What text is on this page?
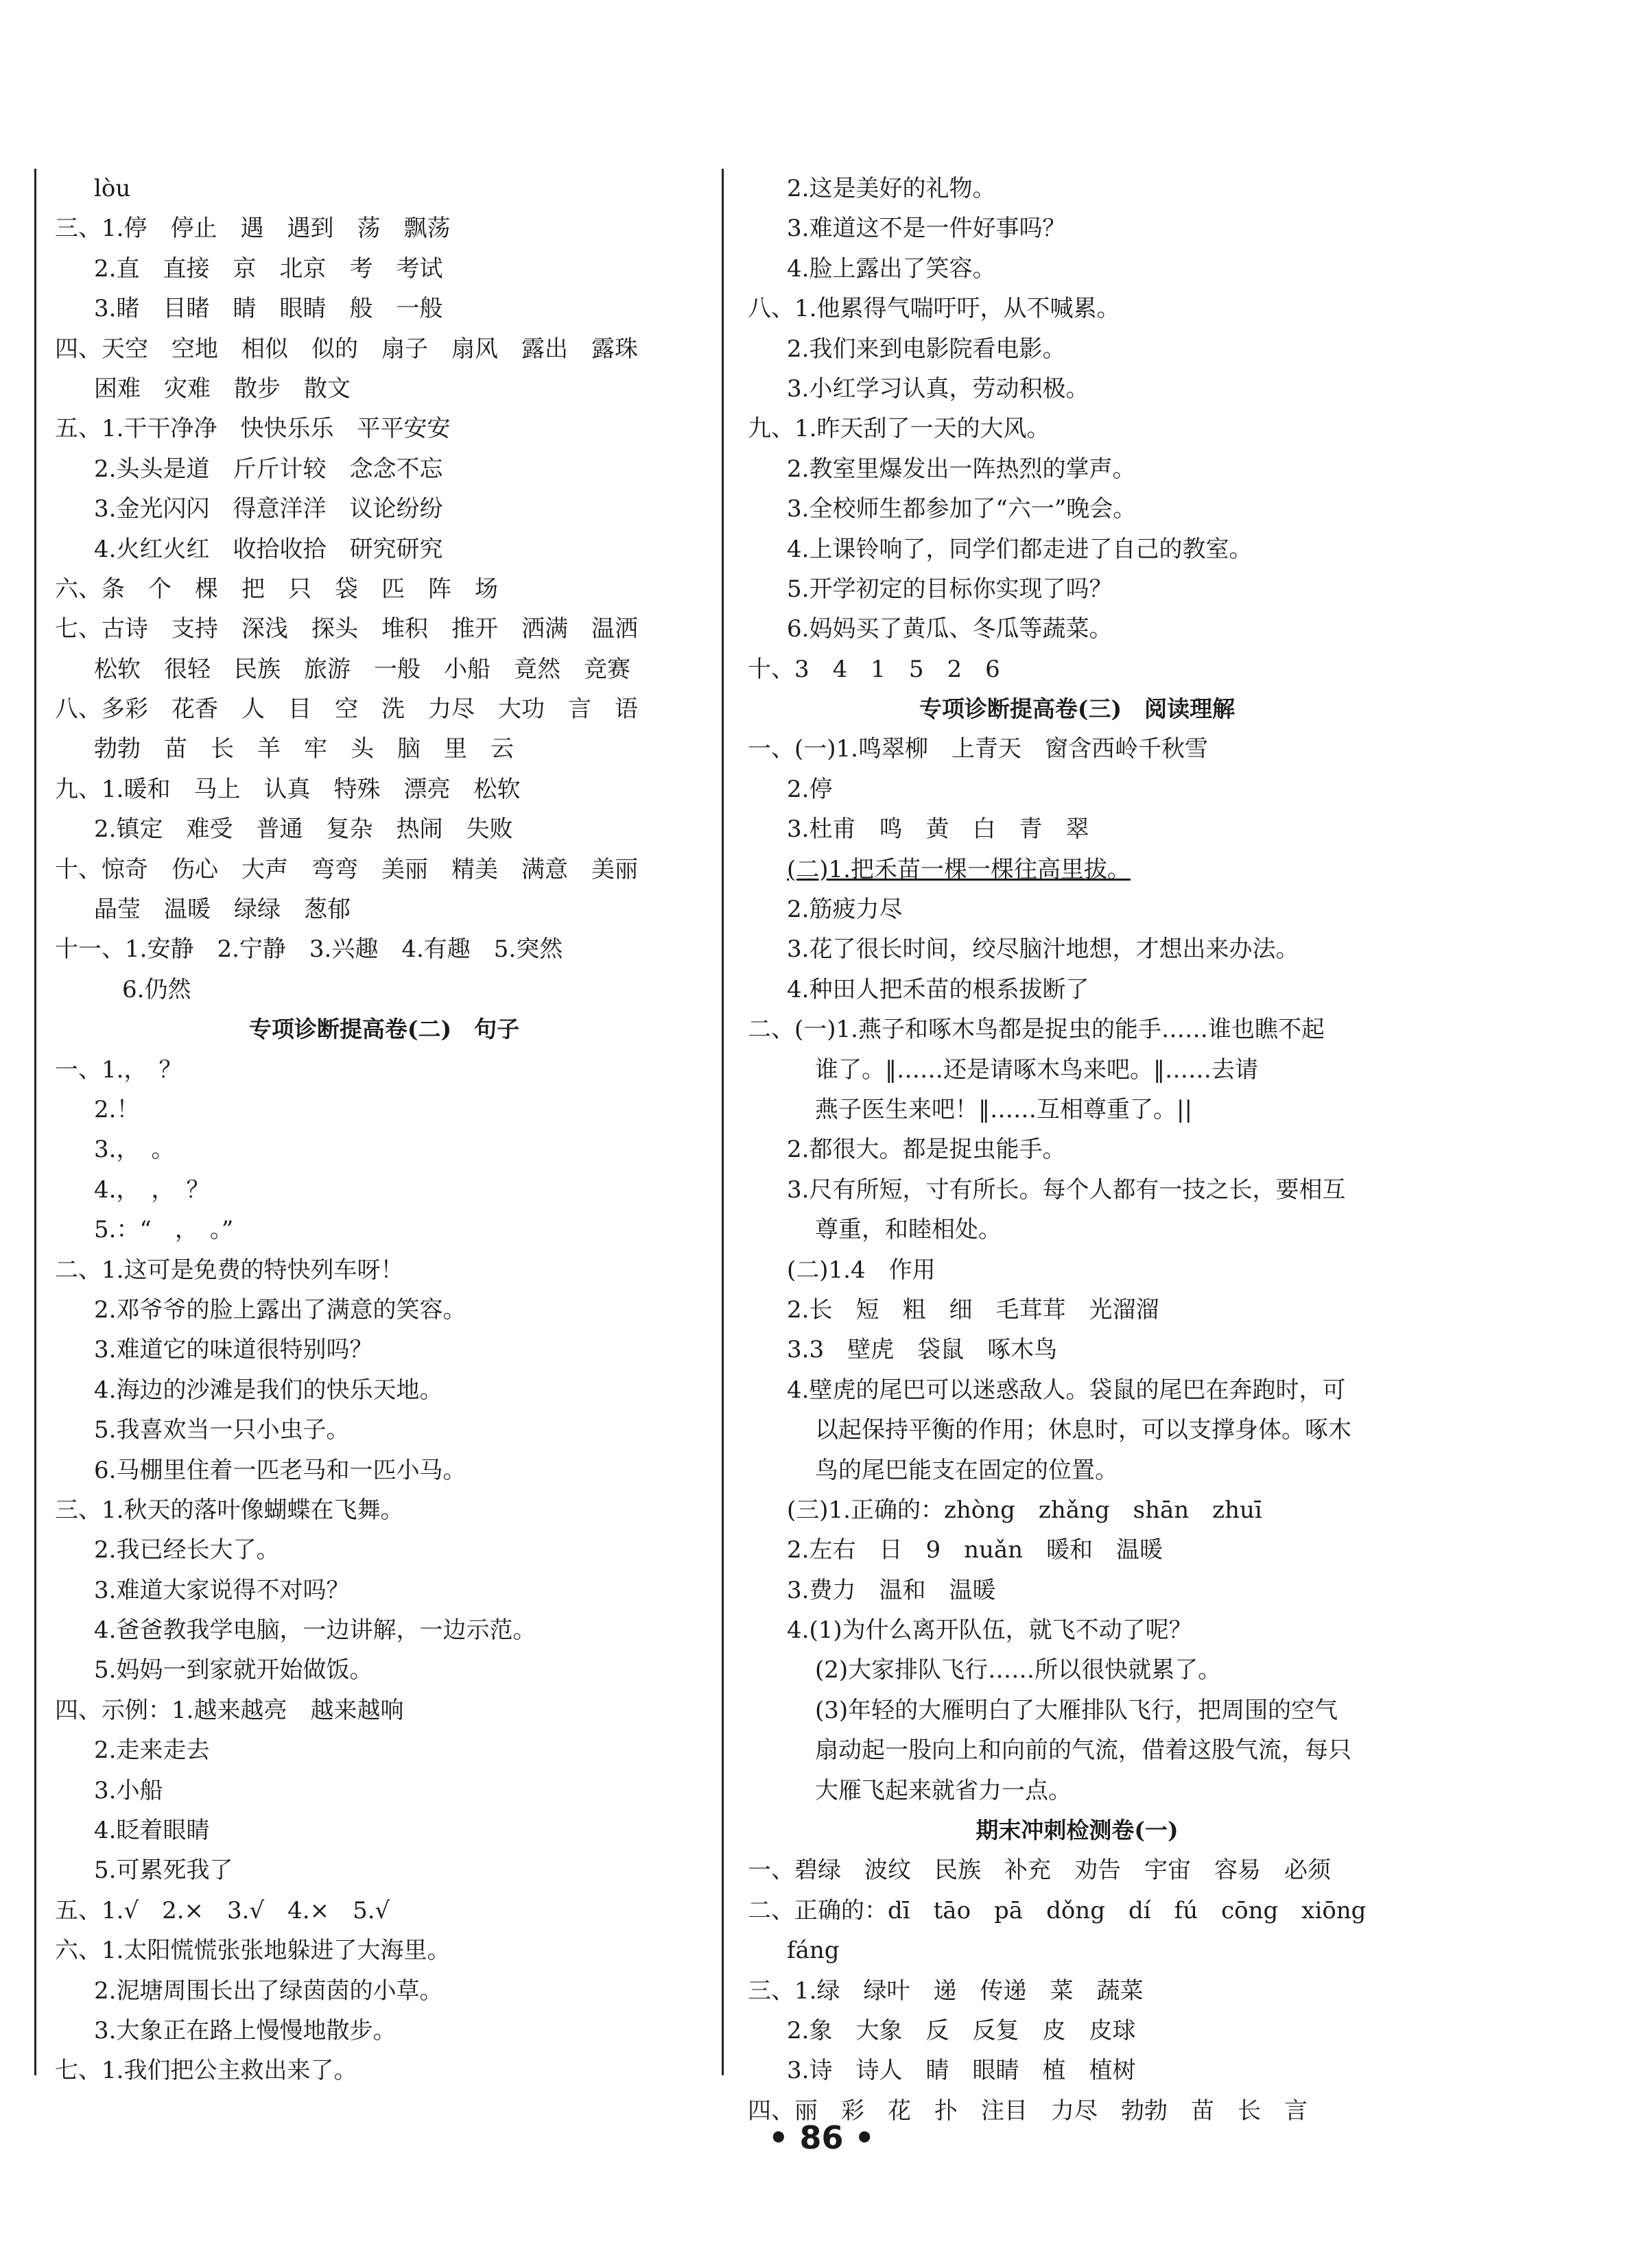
lòu
三、1.停　停止　遇　遇到　荡　飘荡
2.直　直接　京　北京　考　考试
3.睹　目睹　睛　眼睛　般　一般
四、天空　空地　相似　似的　扇子　扇风　露出　露珠
困难　灾难　散步　散文
五、1.干干净净　快快乐乐　平平安安
2.头头是道　斤斤计较　念念不忘
3.金光闪闪　得意洋洋　议论纷纷
4.火红火红　收拾收拾　研究研究
六、条　个　棵　把　只　袋　匹　阵　场
七、古诗　支持　深浅　探头　堆积　推开　洒满　温洒
松软　很轻　民族　旅游　一般　小船　竟然　竞赛
八、多彩　花香　人　目　空　洗　力尽　大功　言　语
勃勃　苗　长　羊　牢　头　脑　里　云
九、1.暖和　马上　认真　特殊　漂亮　松软
2.镇定　难受　普通　复杂　热闹　失败
十、惊奇　伤心　大声　弯弯　美丽　精美　满意　美丽
晶莹　温暖　绿绿　葱郁
十一、1.安静　2.宁静　3.兴趣　4.有趣　5.突然
6.仍然
专项诊断提高卷(二)　句子
一、1.，　？
2.！
3.，　。
4.，　，　？
5.：“　，　。”
二、1.这可是免费的特快列车呀！
2.邓爷爷的脸上露出了满意的笑容。
3.难道它的味道很特别吗？
4.海边的沙滩是我们的快乐天地。
5.我喜欢当一只小虫子。
6.马棚里住着一匹老马和一匹小马。
三、1.秋天的落叶像蝴蝶在飞舞。
2.我已经长大了。
3.难道大家说得不对吗？
4.爸爸教我学电脑，一边讲解，一边示范。
5.妈妈一到家就开始做饭。
四、示例：1.越来越亮　越来越响
2.走来走去
3.小船
4.眨着眼睛
5.可累死我了
五、1.√　2.×　3.√　4.×　5.√
六、1.太阳慌慌张张地躲进了大海里。
2.泥塘周围长出了绿茵茵的小草。
3.大象正在路上慢慢地散步。
七、1.我们把公主救出来了。
2.这是美好的礼物。
3.难道这不是一件好事吗？
4.脸上露出了笑容。
八、1.他累得气喘吁吁，从不喊累。
2.我们来到电影院看电影。
3.小红学习认真，劳动积极。
九、1.昨天刮了一天的大风。
2.教室里爆发出一阵热烈的掌声。
3.全校师生都参加了“六一”晚会。
4.上课铃响了，同学们都走进了自己的教室。
5.开学初定的目标你实现了吗？
6.妈妈买了黄瓜、冬瓜等蔬菜。
十、3　4　1　5　2　6
专项诊断提高卷(三)　阅读理解
一、(一)1.鸣翠柳　上青天　窗含西岭千秋雪
2.停
3.杜甫　鸣　黄　白　青　翠
(二)1.把禾苗一棵一棵往高里拔。
2.筋疲力尽
3.花了很长时间，绞尽脑汁地想，才想出来办法。
4.种田人把禾苗的根系拔断了
二、(一)1.燕子和啄木鸟都是捉虫的能手……谁也瞧不起
谁了。‖……还是请啄木鸟来吧。‖……去请
燕子医生来吧！‖……互相尊重了。||
2.都很大。都是捉虫能手。
3.尺有所短，寸有所长。每个人都有一技之长，要相互
尊重，和睦相处。
(二)1.4　作用
2.长　短　粗　细　毛茸茸　光溜溜
3.3　壁虎　袋鼠　啄木鸟
4.壁虎的尾巴可以迷惑敌人。袋鼠的尾巴在奔跑时，可
以起保持平衡的作用；休息时，可以支撑身体。啄木
鸟的尾巴能支在固定的位置。
(三)1.正确的：zhòng　zhǎng　shān　zhuī
2.左右　日　9　nuǎn　暖和　温暖
3.费力　温和　温暖
4.(1)为什么离开队伍，就飞不动了呢？
(2)大家排队飞行……所以很快就累了。
(3)年轻的大雁明白了大雁排队飞行，把周围的空气
扇动起一股向上和向前的气流，借着这股气流，每只
大雁飞起来就省力一点。
期末冲刺检测卷(一)
一、碧绿　波纹　民族　补充　劝告　宇宙　容易　必须
二、正确的：dī　tāo　pā　dǒng　dí　fú　cōng　xiōng
fáng
三、1.绿　绿叶　递　传递　菜　蔬菜
2.象　大象　反　反复　皮　皮球
3.诗　诗人　睛　眼睛　植　植树
四、丽　彩　花　扑　注目　力尽　勃勃　苗　长　言
• 86 •
